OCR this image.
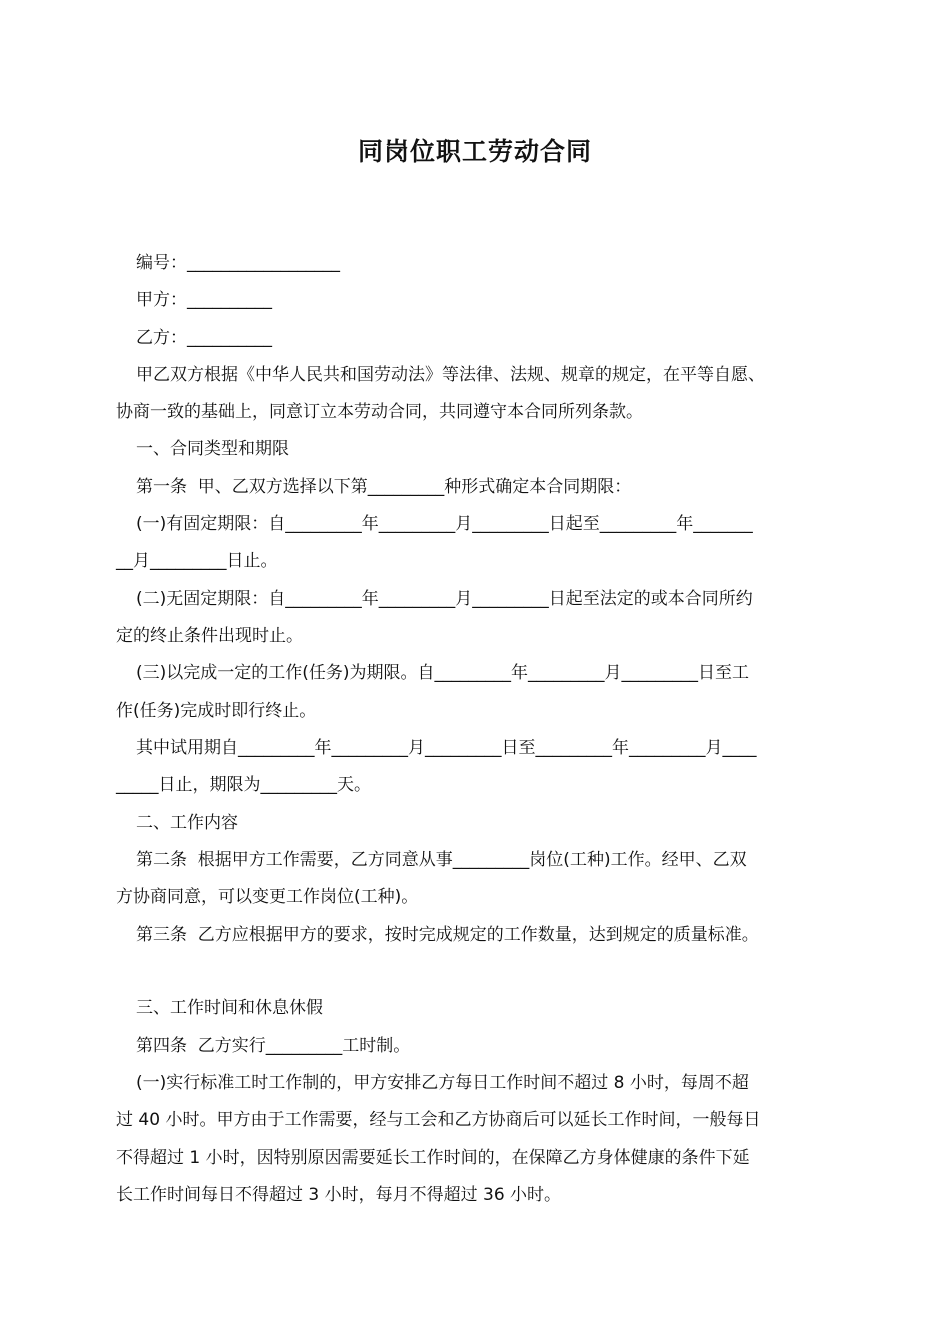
同岗位职工劳动合同
编号：__________________
甲方：__________
乙方：__________
甲乙双方根据《中华人民共和国劳动法》等法律、法规、规章的规定，在平等自愿、
协商一致的基础上，同意订立本劳动合同，共同遵守本合同所列条款。
一、合同类型和期限
第一条  甲、乙双方选择以下第_________种形式确定本合同期限：
(一)有固定期限：自_________年_________月_________日起至_________年_______
__月_________日止。
(二)无固定期限：自_________年_________月_________日起至法定的或本合同所约
定的终止条件出现时止。
(三)以完成一定的工作(任务)为期限。自_________年_________月_________日至工
作(任务)完成时即行终止。
其中试用期自_________年_________月_________日至_________年_________月____
_____日止，期限为_________天。
二、工作内容
第二条  根据甲方工作需要，乙方同意从事_________岗位(工种)工作。经甲、乙双
方协商同意，可以变更工作岗位(工种)。
第三条  乙方应根据甲方的要求，按时完成规定的工作数量，达到规定的质量标准。
三、工作时间和休息休假
第四条  乙方实行_________工时制。
(一)实行标准工时工作制的，甲方安排乙方每日工作时间不超过 8 小时，每周不超
过 40 小时。甲方由于工作需要，经与工会和乙方协商后可以延长工作时间，一般每日
不得超过 1 小时，因特别原因需要延长工作时间的，在保障乙方身体健康的条件下延
长工作时间每日不得超过 3 小时，每月不得超过 36 小时。
